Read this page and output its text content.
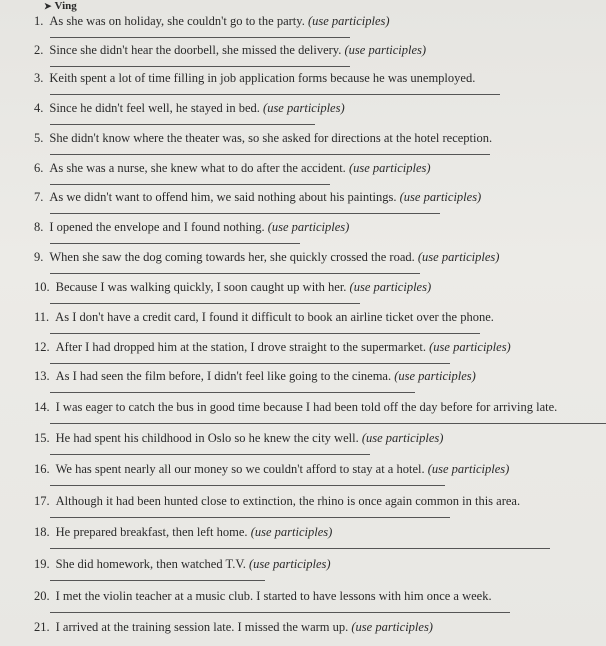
➤ Ving
1. As she was on holiday, she couldn't go to the party. (use participles)
2. Since she didn't hear the doorbell, she missed the delivery. (use participles)
3. Keith spent a lot of time filling in job application forms because he was unemployed.
4. Since he didn't feel well, he stayed in bed. (use participles)
5. She didn't know where the theater was, so she asked for directions at the hotel reception.
6. As she was a nurse, she knew what to do after the accident. (use participles)
7. As we didn't want to offend him, we said nothing about his paintings. (use participles)
8. I opened the envelope and I found nothing. (use participles)
9. When she saw the dog coming towards her, she quickly crossed the road. (use participles)
10. Because I was walking quickly, I soon caught up with her. (use participles)
11. As I don't have a credit card, I found it difficult to book an airline ticket over the phone.
12. After I had dropped him at the station, I drove straight to the supermarket. (use participles)
13. As I had seen the film before, I didn't feel like going to the cinema. (use participles)
14. I was eager to catch the bus in good time because I had been told off the day before for arriving late.
15. He had spent his childhood in Oslo so he knew the city well. (use participles)
16. We has spent nearly all our money so we couldn't afford to stay at a hotel. (use participles)
17. Although it had been hunted close to extinction, the rhino is once again common in this area.
18. He prepared breakfast, then left home. (use participles)
19. She did homework, then watched T.V. (use participles)
20. I met the violin teacher at a music club. I started to have lessons with him once a week.
21. I arrived at the training session late. I missed the warm up. (use participles)
